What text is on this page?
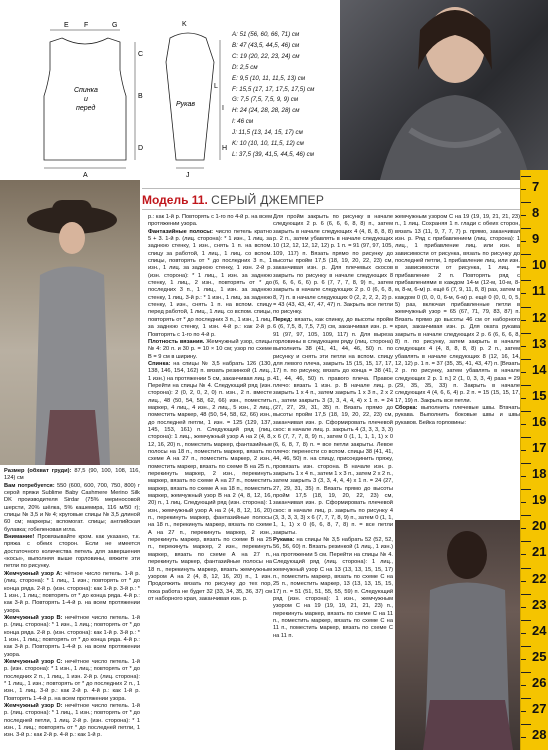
E F	G	K
L
B
C
D
A	J
I
H
Спинка
и
перед
Рукав
A: 51 (56, 60, 66, 71) см
B: 47 (43,5, 44,5, 46) см
C: 19 (20, 22, 23, 24) см
D: 2,5 см
E: 9,5 (10, 11, 11,5, 13) см
F: 15,5 (17, 17, 17,5, 17,5) см
G: 7,5 (7,5, 7,5, 9, 9) см
H: 24 (24, 28, 28, 28) см
I: 46 см
J: 11,5 (13, 14, 15, 17) см
K: 10 (10, 10, 11,5, 12) см
L: 37,5 (39, 41,5, 44,5, 46) см
Модель 11. СЕРЫЙ ДЖЕМПЕР

Размер (обхват груди): 87,5 (90, 100, 108, 116, 124) см

Вам потребуется: 550 (600, 600, 700, 750, 800) г серой пряжи Sublime Baby Cashmere Merino Silk DK производителя Sirdar (75% мериносовой шерсти, 20% шёлка, 5% кашемира, 116 м/50 г); спицы № 3,5 и № 4; круговые спицы № 3,5 длиной 60 см; маркеры; вспомогат. спицы; английская булавка; гобеленовая игла.

Внимание! Провязывайте кром. как указано, т.к. пряжа с обеих сторон. Если не имеется достаточного количества петель для завершения «косы», выполняя выше горловины, вяжите эти петли по рисунку.

Жемчужный узор А: чётное число петель. 1-й р. (лиц. сторона): * 1 лиц., 1 изн.; повторять от * до конца ряда. 2-й р. (изн. сторона): как 1-й р. 3-й р.: * 1 изн., 1 лиц.; повторять от * до конца ряда. 4-й р.: как 3-й р. Повторять 1-4-й р. на всем протяжении узора.

Жемчужный узор В: нечётное число петель. 1-й р. (лиц. сторона): * 1 изн., 1 лиц.; повторять от * до конца ряда. 2-й р. (изн. сторона): как 1-й р. 3-й р.: * 1 изн., 1 лиц.; повторять от * до конца ряда. 4-й р.: как 3-й р. Повторять 1-4-й р. на всем протяжении узора.

Жемчужный узор С: нечётное число петель. 1-й р. (изн. сторона): * 1 изн., 1 лиц.; повторять от * до последних 2 п., 1 лиц., 1 изн. 2-й р. (лиц. сторона): * 1 лиц., 1 изн.; повторять от * до последних 2 п., 1 изн., 1 лиц. 3-й р.: как 2-й р. 4-й р.: как 1-й р. Повторять 1-4-й р. на всем протяжении узора.

Жемчужный узор D: нечётное число петель. 1-й р. (лиц. сторона): * 1 лиц., 1 изн.; повторять от * до последней петли, 1 лиц. 2-й р. (изн. сторона): * 1 изн., 1 лиц.; повторять от * до последней петли, 1 изн. 3-й р.: как 2-й р. 4-й р.: как 1-й р.

р.: как 1-й р. Повторять с 1-го по 4-й р. на всем протяжении узора.

Фантазийные полосы: число петель кратно 5 + 3. 1-й р. (лиц. сторона): * 1 изн., 1 лиц. за заднюю стенку, 1 изн., снять 1 п. на вспом. спицу за работой, 1 лиц., 1 лиц. со вспом. спицы, повторять от * до последних 3 п., 1 изн., 1 лиц. за заднюю стенку, 1 изн. 2-й р. (изн. сторона): * 1 лиц., 1 изн. за заднюю стенку, 1 лиц., 2 изн., повторять от * до последних 3 п., 1 лиц., 1 изн. за заднюю стенку, 1 лиц. 3-й р.: * 1 изн., 1 лиц. за заднюю стенку, 1 изн., снять 1 п. на вспом. спицу перед работой, 1 лиц., 1 лиц. со вспом. спицы, повторять от * до последних 3 п., 1 изн., 1 лиц. за заднюю стенку, 1 изн. 4-й р.: как 2-й р. Повторять с 1-го по 4-й р.

Плотность вязания. Жемчужный узор, спицы № 4: 20 п. и 30 р. = 10 × 10 см; узор по схеме В = 9 см в ширину.

Спинка: на спицы № 3,5 набрать 126 (130, 138, 146, 154, 162) п. вязать резинкой (1 лиц., 1 изн.) на протяжении 5 см, заканчивая лиц. р. Перейти на спицы № 4. Следующий ряд (изн. сторона): 2 (0, 2, 0, 2, 0) п. изн., 2 п. вместе лиц., 48 (50, 54, 58, 62, 66) изн., поместить маркер, 4 лиц., 4 изн., 2 лиц., 5 изн., 2 лиц., поместить маркер, 48 (50, 54, 58, 62, 66) изн., до последней петли, 1 изн. = 125 (129, 137, 145, 153, 161) п. Следующий ряд (лиц. сторона): 1 лиц., жемчужный узор А на 2 (4, 8, 12, 16, 20) п., поместить маркер, фантазийные полосы на 18 п., поместить маркер, вязать по схеме А на 27 п., поместить маркер, 2 изн., поместить маркер, вязать по схеме В на 25 п., перекинуть маркер, 2 изн., перекинуть маркер, вязать по схеме А на 27 п., поместить маркер, вязать по схеме А на 18 п., поместить маркер, жемчужный узор В на 2 (4, 8, 12, 16, 20) п., 1 лиц. Следующий ряд (изн. сторона): 1 изн., жемчужный узор А на 2 (4, 8, 12, 16, 20) п., перекинуть маркер, фантазийные полосы на 18 п., перекинуть маркер, вязать по схеме А на 27 п., перекинуть маркер, 2 изн., перекинуть маркер, вязать по схеме В на 25 п., перекинуть маркер, 2 изн., перекинуть маркер, вязать по схеме А на 27 п., перекинуть маркер, фантазийные полосы на 18 п., перекинуть маркер, вязать жемчужным узором А на 2 (4, 8, 12, 16, 20) п., 1 изн. Продолжить вязать по рисунку до тех пор, пока работа не будет 32 (33, 34, 35, 36, 37) см от наборного края, заканчивая изн. р.

Для пройм закрыть по рисунку в начале следующих 2 р. 6 (6, 6, 6, 8, 8) п., затем закрыть в начале следующих 4 (4, 8, 8, 8, 8) р. 2 п., затем убавлять в начале следующих 10 (12, 12, 12, 12, 12) р. 1 п. = 91 (97, 97, 105, 109, 117) п. Вязать прямо по рисунку до высоты пройм 17,5 (18, 19, 20, 22, 23) см, заканчивая изн. р. Для плечевых скосов закрыть по рисунку в начале следующих 8 (6, 6, 6, 6, 6) р. 6 (7, 7, 7, 8, 9) п., затем закрыть в начале следующих 2 р. 0 (6, 6, 8, 8, 7) п. в начале следующих 0 (2, 2, 2, 2, 2) р. = 43 (43, 43, 47, 47, 47) п. Закрыть все петли по рисунку.

Перед: вязать, как спинку, до высоты пройм 6 (6, 7,5, 8, 7,5, 7,5) см, заканчивая изн. р. = 91 (97, 97, 105, 109, 117) п. Для выреза горловины в следующем ряду (лиц. сторона) выполнить 38 (41, 41, 44, 46, 50) п. по рисунку и снять эти петли на вспом. спицу для левого плеча, закрыть 15 (15, 15, 17, 17, 17) п. по рисунку, вязать до конца = 38 (41, 41, 44, 46, 50) п. правого плеча. Правое плечо: вязать 1 изн. р. В начале лиц. р. закрыть 1 х 4 п., затем закрыть 1 х 3 п., 2 х 2 п., затем закрыть 3 (3, 3, 4, 4, 4) х 1 п. = 24 (27, 27, 29, 31, 35) п. Вязать прямо до высоты пройм 17,5 (18, 19, 20, 22, 23) см, заканчивая изн. р. Сформировать плечевой скос: в начале лиц. р. закрыть 4 (3, 3, 3, 3, 3) х 6 (7, 7, 7, 8, 9) п., затем 0 (1, 1, 1, 1, 1) х 0 (6, 6, 8, 7, 8) п. = все петли закрыты. Левое плечо: перенести со вспом. спицы 38 (41, 41, 44, 46, 50) п. на спицу, присоединить пряжу, провязать изн. сторона. В начале изн. р. закрыть 1 х 4 п., затем 1 х 3 п., затем 2 х 2 п., затем закрыть 3 (3, 3, 4, 4, 4) х 1 п. = 24 (27, 27, 29, 31, 35) п. Вязать прямо до высоты пройм 17,5 (18, 19, 20, 22, 23) см, заканчивая изн. р. Сформировать плечевой скос: в начале лиц. р. закрыть по рисунку 4 (3, 3, 3, 3, 3) х 6 (7, 7, 7, 8, 9) п., затем 0 (1, 1, 1, 1, 1) х 0 (6, 6, 8, 7, 8) п. = все петли закрыты.

Рукава: на спицы № 3,5 набрать 52 (52, 52, 56, 56, 60) п. Вязать резинкой (1 лиц., 1 изн.) на протяжении 5 см. Перейти на спицы № 4. Следующий ряд (лиц. сторона): 1 лиц., жемчужный узор С на 13 (13, 13, 15, 15, 17) п., поместить маркер, вязать по схеме С на 25 п., поместить маркер, 13 (13, 13, 15, 15, 17) п. = 51 (51, 51, 55, 55, 59) п. Следующий ряд (изн. сторона): 1 изн., жемчужным узором С на 19 (19, 19, 21, 21, 23) п., перекинуть маркер, вязать по схеме С на 11 п., поместить маркер, вязать по схеме С на 11 п., поместить маркер, вязать по схеме С на 11 п.

жемчужным узором С на 19 (19, 19, 21, 21, 23) п., 1 лиц. Сохраняя 1 п. глади с обеих сторон, вязать 13 (11, 9, 7, 7, 7) р. прямо, заканчивая изн. р. Ряд с прибавлением (лиц. сторона): 1 лиц., 1 прибавление лиц. или изн. в зависимости от рисунка, вязать по рисунку до последней петли, 1 прибавление лиц. или изн. в зависимости от рисунка, 1 лиц. = прибавление 2 п. Повторять ряд с прибавлениями в каждом 14-м (12-м, 10-м, 8-м, 8-м, 6-м) р. ещё 6 (7, 9, 11, 8, 8) раз, затем в каждом 0 (0, 0, 0, 6-м, 6-м) р. ещё 0 (0, 0, 0, 5, 5) раз, включая прибавленные петли в жемчужный узор = 65 (67, 71, 79, 83, 87) п. Вязать прямо до высоты 46 см от наборного края, заканчивая изн. р. Для оката рукава закрыть в начале следующих 2 р. 6 (6, 6, 6, 8, 8) п. по рисунку, затем закрыть в начале следующих 4 (4, 8, 8, 8, 8) р. 2 п., затем убавлять в начале следующих 8 (12, 16, 14, 12, 12) р. 1 п. = 37 (35, 35, 41, 43, 47) п. [Вязать 2 р. по рисунку, затем убавлять в начале следующих 2 р. 1 п.] 2 (1, 0, 3, 3, 4) раза = 29 (29, 35, 35, 33) п. Закрыть в начале следующих 4 (4, 6, 6, 4) р. 2 п. = 15 (15, 15, 17, 17, 19) п. Закрыть все петли.

Сборка: выполнить плечевые швы. Втачать рукава. Выполнить боковые швы и швы рукавов. Бейка горловины:

7
8
9
10
11
12
13
14
15
16
17
18
19
20
21
22
23
24
25
26
27
28
